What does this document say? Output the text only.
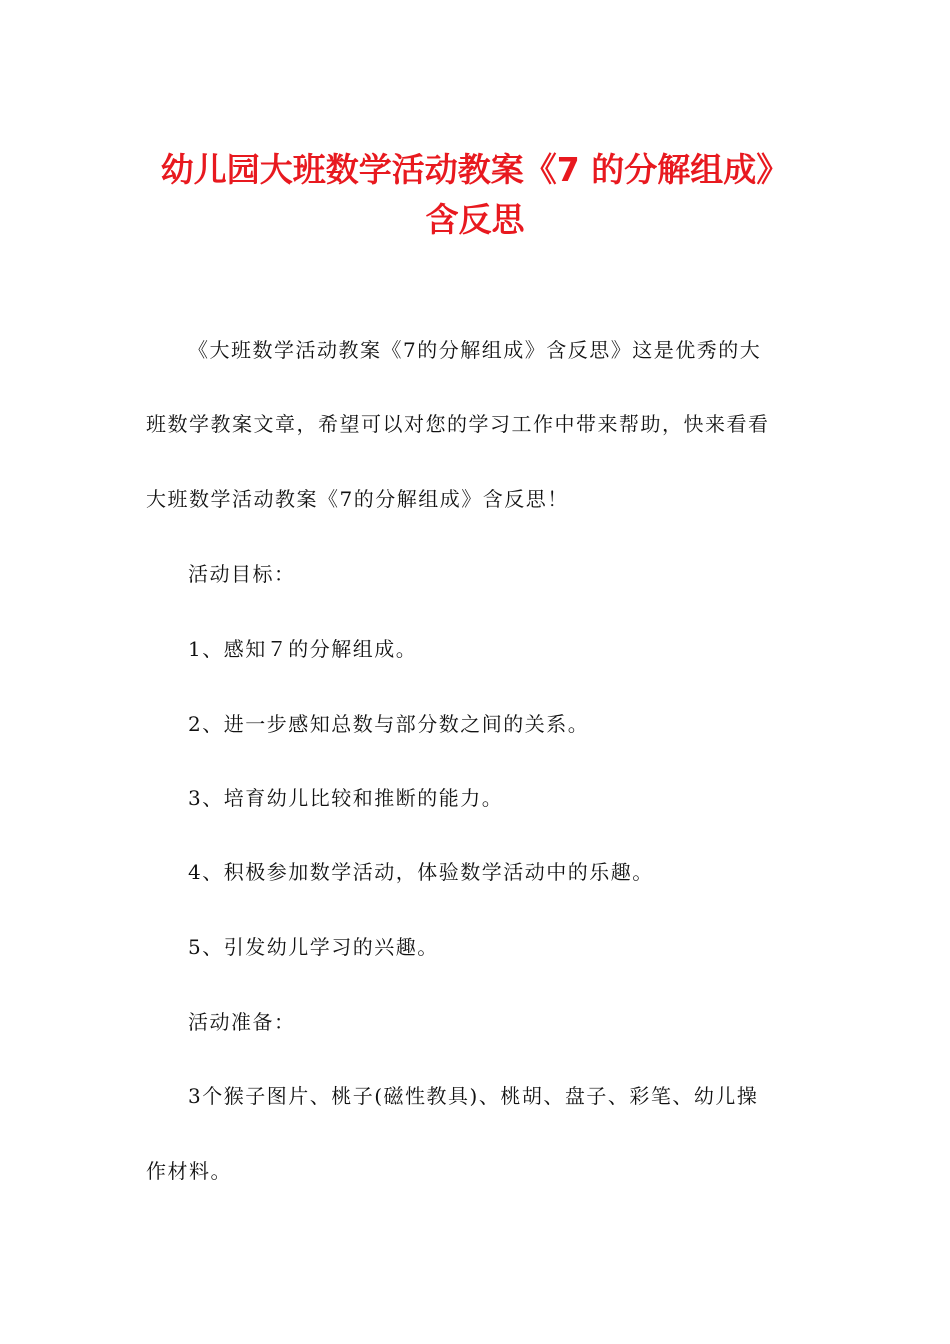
幼儿园大班数学活动教案《7 的分解组成》
含反思

《大班数学活动教案《7的分解组成》含反思》这是优秀的大

班数学教案文章，希望可以对您的学习工作中带来帮助，快来看看

大班数学活动教案《7的分解组成》含反思！

活动目标：

1、感知７的分解组成。

2、进一步感知总数与部分数之间的关系。

3、培育幼儿比较和推断的能力。

4、积极参加数学活动，体验数学活动中的乐趣。

5、引发幼儿学习的兴趣。

活动准备：

3个猴子图片、桃子(磁性教具)、桃胡、盘子、彩笔、幼儿操

作材料。
